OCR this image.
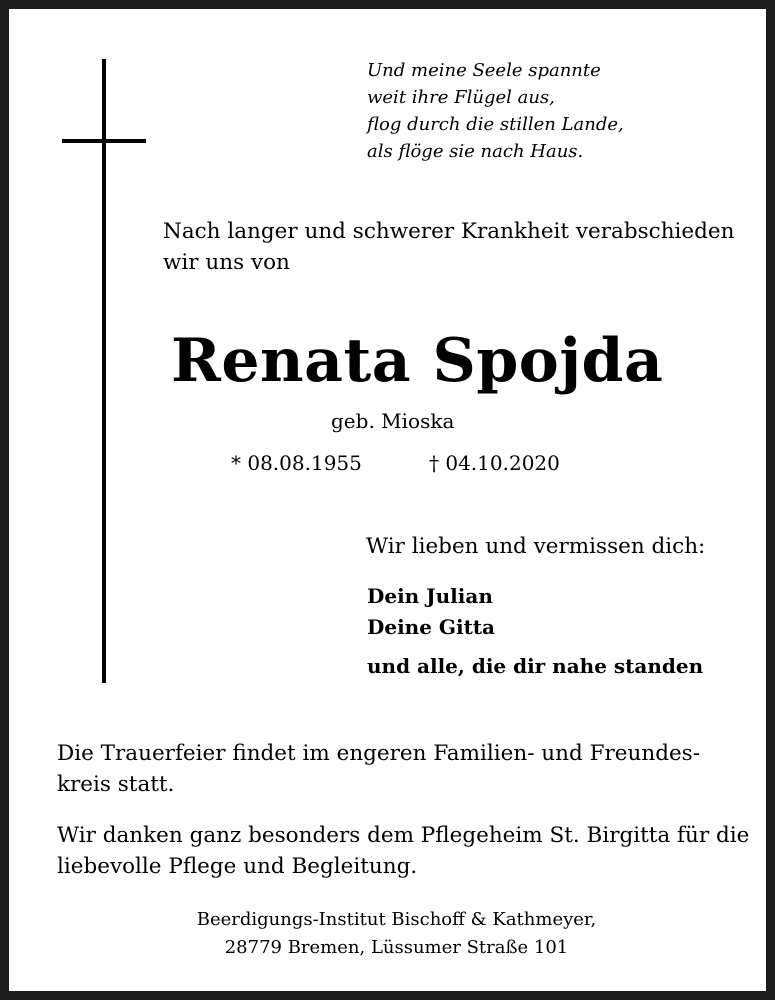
Und meine Seele spannte
weit ihre Flügel aus,
flog durch die stillen Lande,
als flöge sie nach Haus.
Nach langer und schwerer Krankheit verabschieden
wir uns von
Renata Spojda
geb. Mioska
* 08.08.1955	† 04.10.2020
Wir lieben und vermissen dich:
Dein Julian
Deine Gitta
und alle, die dir nahe standen
Die Trauerfeier findet im engeren Familien- und Freundes-
kreis statt.
Wir danken ganz besonders dem Pflegeheim St. Birgitta für die
liebevolle Pflege und Begleitung.
Beerdigungs-Institut Bischoff & Kathmeyer,
28779 Bremen, Lüssumer Straße 101
